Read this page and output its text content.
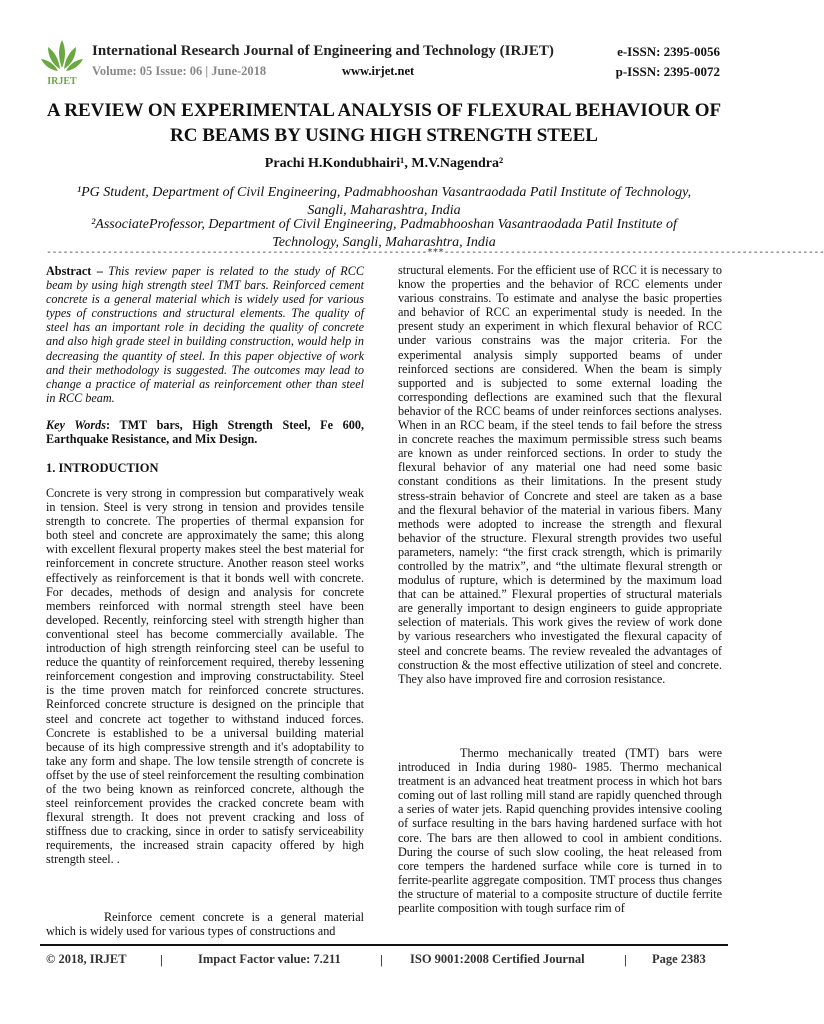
IRJET
International Research Journal of Engineering and Technology (IRJET)	e-ISSN: 2395-0056
Volume: 05 Issue: 06 | June-2018	www.irjet.net	p-ISSN: 2395-0072
A REVIEW ON EXPERIMENTAL ANALYSIS OF FLEXURAL BEHAVIOUR OF
RC BEAMS BY USING HIGH STRENGTH STEEL
Prachi H.Kondubhairi¹, M.V.Nagendra²
¹PG Student, Department of Civil Engineering, Padmabhooshan Vasantraodada Patil Institute of Technology, Sangli, Maharashtra, India
²AssociateProfessor, Department of Civil Engineering, Padmabhooshan Vasantraodada Patil Institute of Technology, Sangli, Maharashtra, India
---------------------------------------------------------------------***---------------------------------------------------------------------
Abstract – This review paper is related to the study of RCC beam by using high strength steel TMT bars. Reinforced cement concrete is a general material which is widely used for various types of constructions and structural elements. The quality of steel has an important role in deciding the quality of concrete and also high grade steel in building construction, would help in decreasing the quantity of steel. In this paper objective of work and their methodology is suggested. The outcomes may lead to change a practice of material as reinforcement other than steel in RCC beam.
Key Words: TMT bars, High Strength Steel, Fe 600, Earthquake Resistance, and Mix Design.
1. INTRODUCTION

Concrete is very strong in compression but comparatively weak in tension. Steel is very strong in tension and provides tensile strength to concrete. The properties of thermal expansion for both steel and concrete are approximately the same; this along with excellent flexural property makes steel the best material for reinforcement in concrete structure. Another reason steel works effectively as reinforcement is that it bonds well with concrete. For decades, methods of design and analysis for concrete members reinforced with normal strength steel have been developed. Recently, reinforcing steel with strength higher than conventional steel has become commercially available. The introduction of high strength reinforcing steel can be useful to reduce the quantity of reinforcement required, thereby lessening reinforcement congestion and improving constructability. Steel is the time proven match for reinforced concrete structures. Reinforced concrete structure is designed on the principle that steel and concrete act together to withstand induced forces. Concrete is established to be a universal building material because of its high compressive strength and it's adoptability to take any form and shape. The low tensile strength of concrete is offset by the use of steel reinforcement the resulting combination of the two being known as reinforced concrete, although the steel reinforcement provides the cracked concrete beam with flexural strength. It does not prevent cracking and loss of stiffness due to cracking, since in order to satisfy serviceability requirements, the increased strain capacity offered by high strength steel. .

Reinforce cement concrete is a general material which is widely used for various types of constructions and

structural elements. For the efficient use of RCC it is necessary to know the properties and the behavior of RCC elements under various constrains. To estimate and analyse the basic properties and behavior of RCC an experimental study is needed. In the present study an experiment in which flexural behavior of RCC under various constrains was the major criteria. For the experimental analysis simply supported beams of under reinforced sections are considered. When the beam is simply supported and is subjected to some external loading the corresponding deflections are examined such that the flexural behavior of the RCC beams of under reinforces sections analyses. When in an RCC beam, if the steel tends to fail before the stress in concrete reaches the maximum permissible stress such beams are known as under reinforced sections. In order to study the flexural behavior of any material one had need some basic constant conditions as their limitations. In the present study stress-strain behavior of Concrete and steel are taken as a base and the flexural behavior of the material in various fibers. Many methods were adopted to increase the strength and flexural behavior of the structure. Flexural strength provides two useful parameters, namely: “the first crack strength, which is primarily controlled by the matrix”, and “the ultimate flexural strength or modulus of rupture, which is determined by the maximum load that can be attained.” Flexural properties of structural materials are generally important to design engineers to guide appropriate selection of materials. This work gives the review of work done by various researchers who investigated the flexural capacity of steel and concrete beams. The review revealed the advantages of construction & the most effective utilization of steel and concrete. They also have improved fire and corrosion resistance.

Thermo mechanically treated (TMT) bars were introduced in India during 1980- 1985. Thermo mechanical treatment is an advanced heat treatment process in which hot bars coming out of last rolling mill stand are rapidly quenched through a series of water jets. Rapid quenching provides intensive cooling of surface resulting in the bars having hardened surface with hot core. The bars are then allowed to cool in ambient conditions. During the course of such slow cooling, the heat released from core tempers the hardened surface while core is turned in to ferrite-pearlite aggregate composition. TMT process thus changes the structure of material to a composite structure of ductile ferrite pearlite composition with tough surface rim of

© 2018, IRJET	|	Impact Factor value: 7.211	| ISO 9001:2008 Certified Journal	| Page 2383
